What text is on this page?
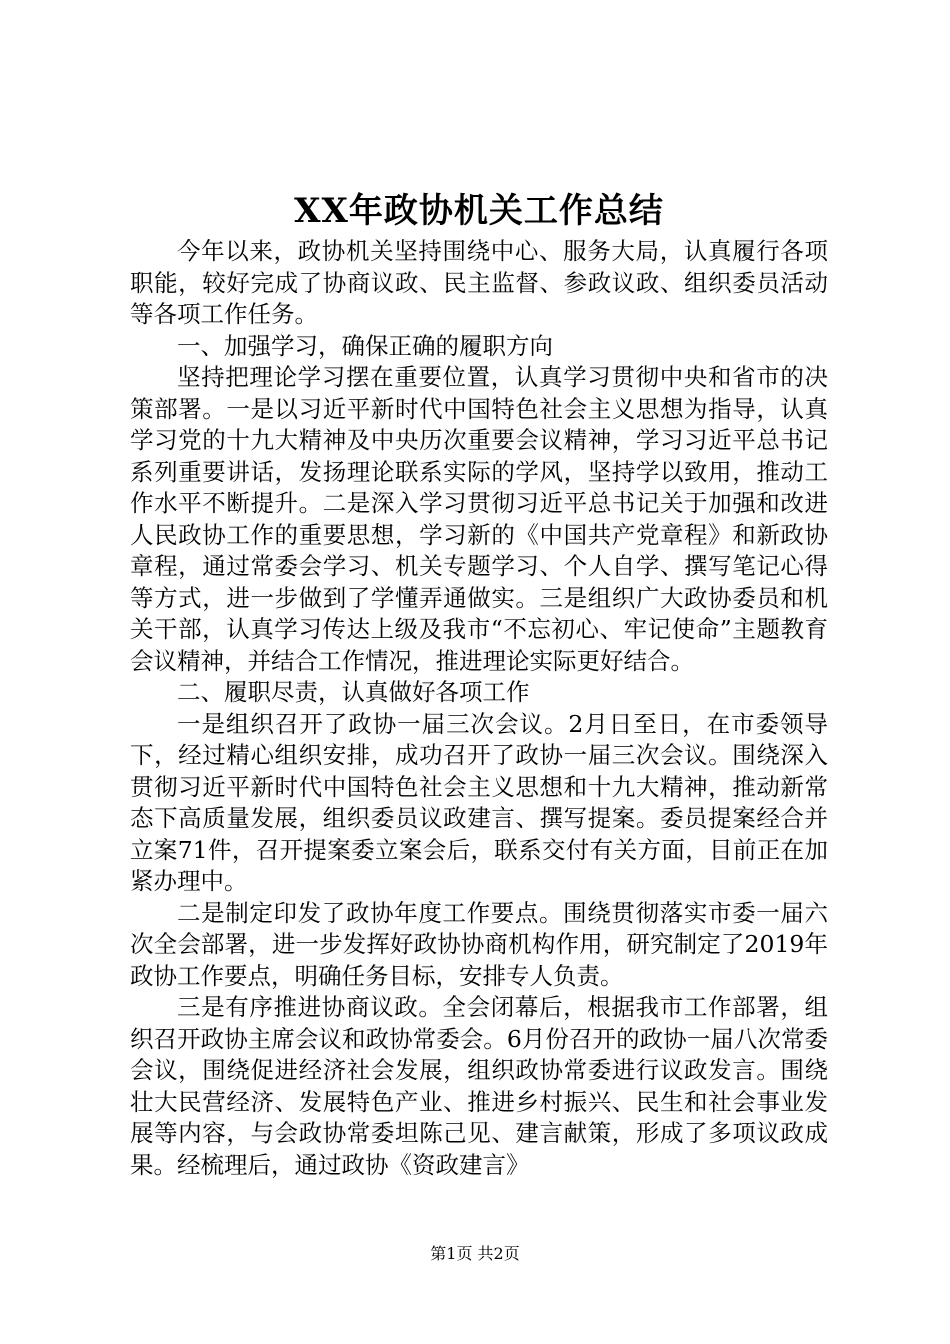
XX年政协机关工作总结

今年以来，政协机关坚持围绕中心、服务大局，认真履行各项职能，较好完成了协商议政、民主监督、参政议政、组织委员活动等各项工作任务。

一、加强学习，确保正确的履职方向

坚持把理论学习摆在重要位置，认真学习贯彻中央和省市的决策部署。一是以习近平新时代中国特色社会主义思想为指导，认真学习党的十九大精神及中央历次重要会议精神，学习习近平总书记系列重要讲话，发扬理论联系实际的学风，坚持学以致用，推动工作水平不断提升。二是深入学习贯彻习近平总书记关于加强和改进人民政协工作的重要思想，学习新的《中国共产党章程》和新政协章程，通过常委会学习、机关专题学习、个人自学、撰写笔记心得等方式，进一步做到了学懂弄通做实。三是组织广大政协委员和机关干部，认真学习传达上级及我市“不忘初心、牢记使命”主题教育会议精神，并结合工作情况，推进理论实际更好结合。

二、履职尽责，认真做好各项工作

一是组织召开了政协一届三次会议。2月日至日，在市委领导下，经过精心组织安排，成功召开了政协一届三次会议。围绕深入贯彻习近平新时代中国特色社会主义思想和十九大精神，推动新常态下高质量发展，组织委员议政建言、撰写提案。委员提案经合并立案71件，召开提案委立案会后，联系交付有关方面，目前正在加紧办理中。

二是制定印发了政协年度工作要点。围绕贯彻落实市委一届六次全会部署，进一步发挥好政协协商机构作用，研究制定了2019年政协工作要点，明确任务目标，安排专人负责。

三是有序推进协商议政。全会闭幕后，根据我市工作部署，组织召开政协主席会议和政协常委会。6月份召开的政协一届八次常委会议，围绕促进经济社会发展，组织政协常委进行议政发言。围绕壮大民营经济、发展特色产业、推进乡村振兴、民生和社会事业发展等内容，与会政协常委坦陈己见、建言献策，形成了多项议政成果。经梳理后，通过政协《资政建言》

第1页 共2页
